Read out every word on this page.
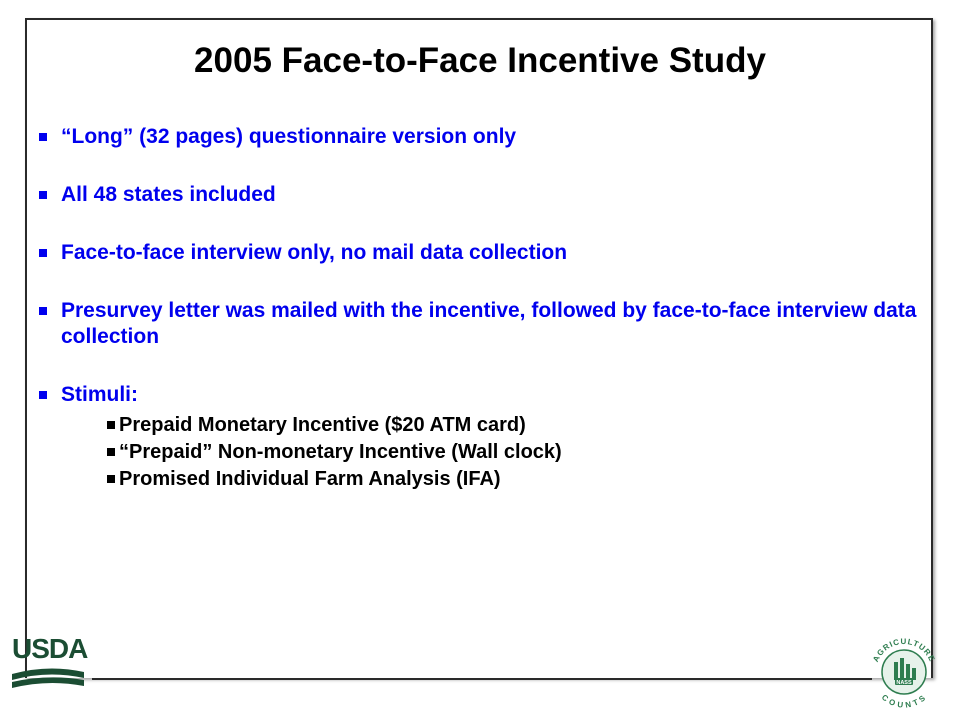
2005 Face-to-Face Incentive Study
“Long” (32 pages) questionnaire version only
All 48 states included
Face-to-face interview only, no mail data collection
Presurvey letter was mailed with the incentive, followed by face-to-face interview data collection
Stimuli:
Prepaid Monetary Incentive ($20 ATM card)
“Prepaid” Non-monetary Incentive (Wall clock)
Promised Individual Farm Analysis (IFA)
USDA
NASS
AGRICULTURE
COUNTS
